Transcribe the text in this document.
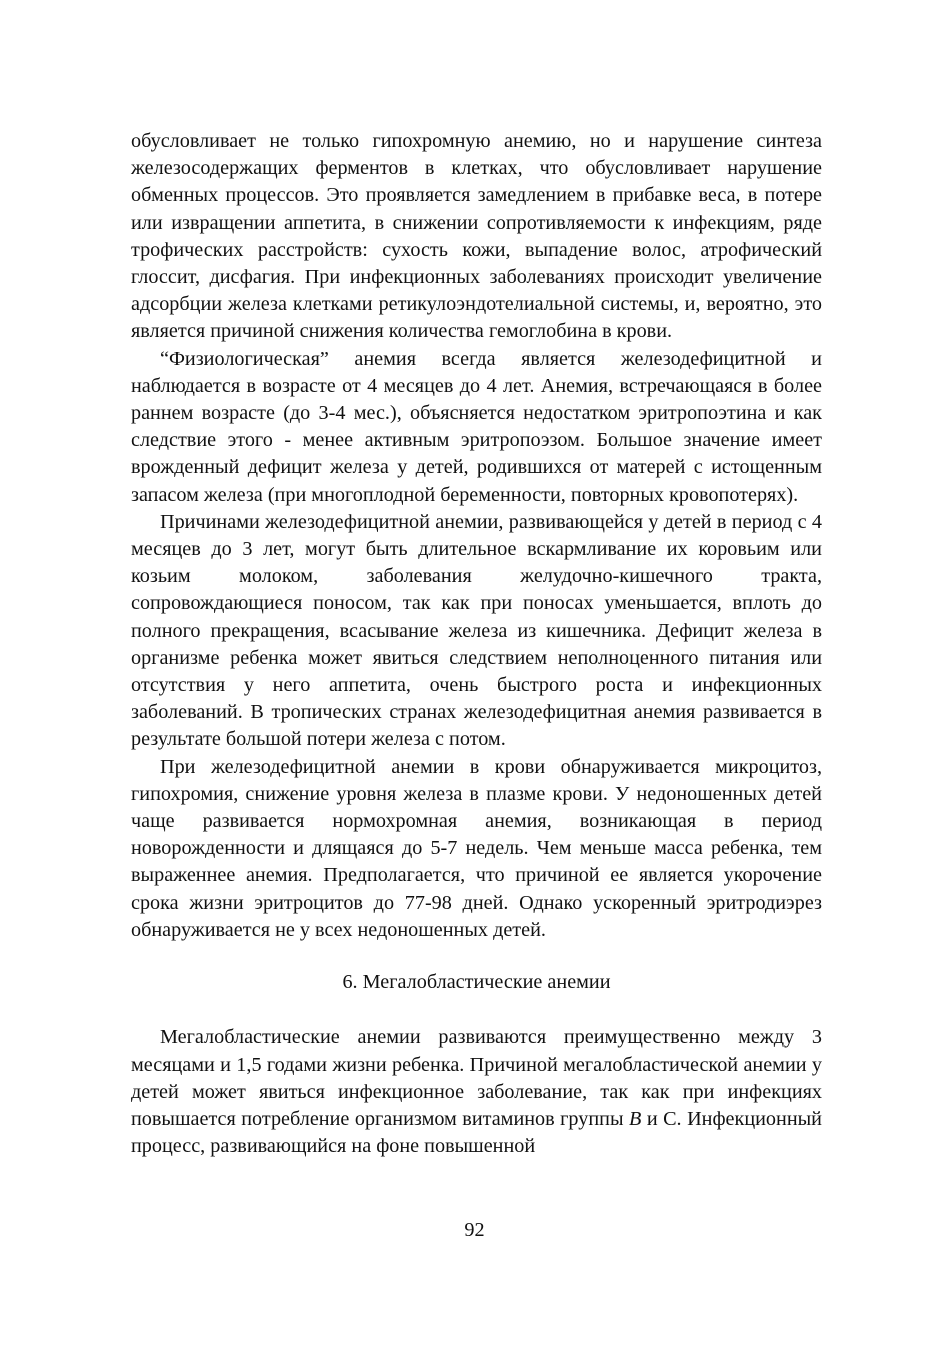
обусловливает не только гипохромную анемию, но и нарушение синтеза железосодержащих ферментов в клетках, что обусловливает нарушение обменных процессов. Это проявляется замедлением в прибавке веса, в потере или извращении аппетита, в снижении сопротивляемости к инфекциям, ряде трофических расстройств: сухость кожи, выпадение волос, атрофический глоссит, дисфагия. При инфекционных заболеваниях происходит увеличение адсорбции железа клетками ретикулоэндотелиальной системы, и, вероятно, это является причиной снижения количества гемоглобина в крови.

“Физиологическая” анемия всегда является железодефицитной и наблюдается в возрасте от 4 месяцев до 4 лет. Анемия, встречающаяся в более раннем возрасте (до 3-4 мес.), объясняется недостатком эритропоэтина и как следствие этого - менее активным эритропоэзом. Большое значение имеет врожденный дефицит железа у детей, родившихся от матерей с истощенным запасом железа (при многоплодной беременности, повторных кровопотерях).

Причинами железодефицитной анемии, развивающейся у детей в период с 4 месяцев до 3 лет, могут быть длительное вскармливание их коровьим или козьим молоком, заболевания желудочно-кишечного тракта, сопровождающиеся поносом, так как при поносах уменьшается, вплоть до полного прекращения, всасывание железа из кишечника. Дефицит железа в организме ребенка может явиться следствием неполноценного питания или отсутствия у него аппетита, очень быстрого роста и инфекционных заболеваний. В тропических странах железодефицитная анемия развивается в результате большой потери железа с потом.

При железодефицитной анемии в крови обнаруживается микроцитоз, гипохромия, снижение уровня железа в плазме крови. У недоношенных детей чаще развивается нормохромная анемия, возникающая в период новорожденности и длящаяся до 5-7 недель. Чем меньше масса ребенка, тем выраженнее анемия. Предполагается, что причиной ее является укорочение срока жизни эритроцитов до 77-98 дней. Однако ускоренный эритродиэрез обнаруживается не у всех недоношенных детей.

6. Мегалобластические анемии

Мегалобластические анемии развиваются преимущественно между 3 месяцами и 1,5 годами жизни ребенка. Причиной мегалобластической анемии у детей может явиться инфекционное заболевание, так как при инфекциях повышается потребление организмом витаминов группы B и С. Инфекционный процесс, развивающийся на фоне повышенной

92
